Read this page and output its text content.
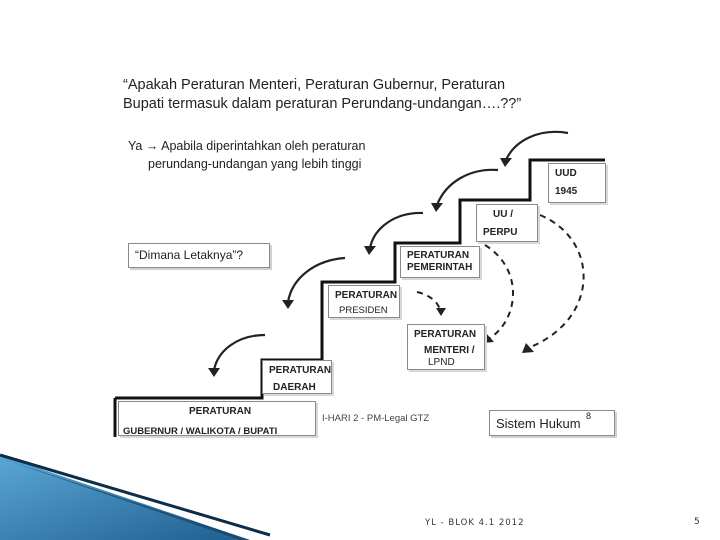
“Apakah Peraturan Menteri, Peraturan Gubernur, Peraturan Bupati termasuk dalam peraturan Perundang-undangan….??”
Ya → Apabila diperintahkan oleh peraturan
perundang-undangan yang lebih tinggi
“Dimana Letaknya”?
UUD
1945
UU /
PERPU
PERATURAN
PEMERINTAH
PERATURAN
PRESIDEN
PERATURAN
MENTERI /
LPND
PERATURAN
DAERAH
PERATURAN
GUBERNUR / WALIKOTA / BUPATI
I-HARI 2 - PM-Legal GTZ	Sistem Hukum 8
YL - BLOK 4.1 2012	5
